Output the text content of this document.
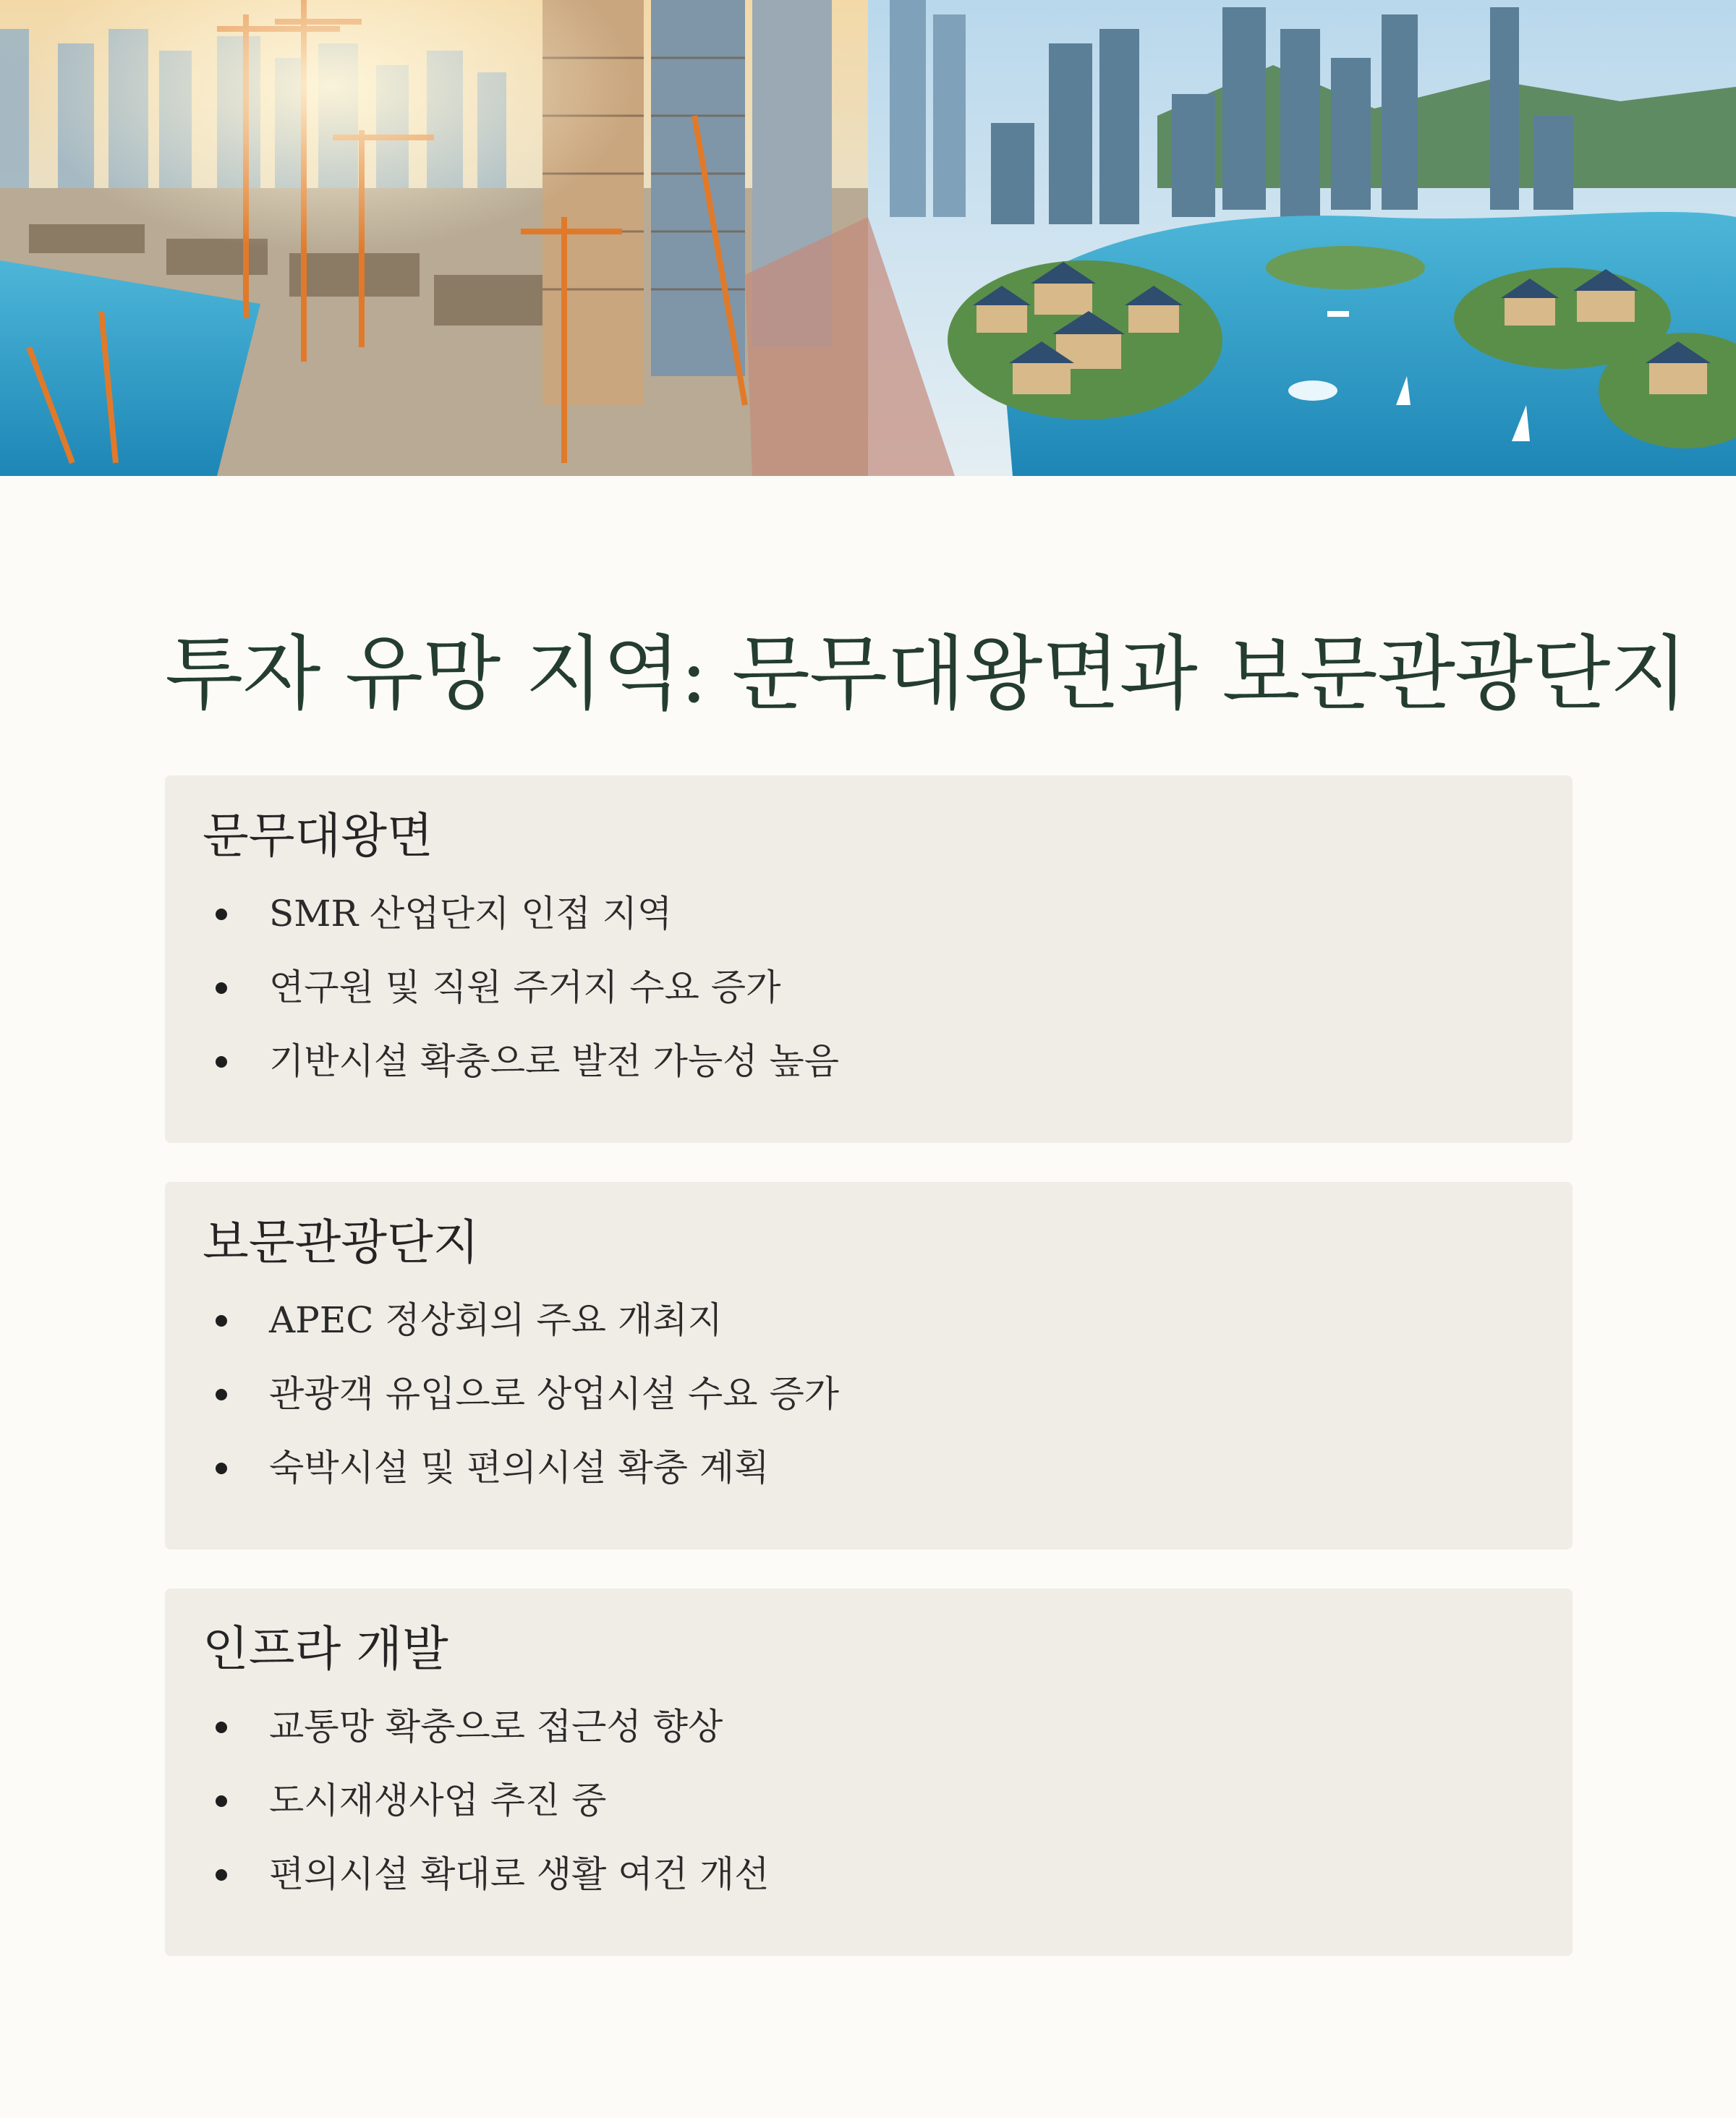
투자 유망 지역: 문무대왕면과 보문관광단지
문무대왕면
SMR 산업단지 인접 지역
연구원 및 직원 주거지 수요 증가
기반시설 확충으로 발전 가능성 높음
보문관광단지
APEC 정상회의 주요 개최지
관광객 유입으로 상업시설 수요 증가
숙박시설 및 편의시설 확충 계획
인프라 개발
교통망 확충으로 접근성 향상
도시재생사업 추진 중
편의시설 확대로 생활 여건 개선
